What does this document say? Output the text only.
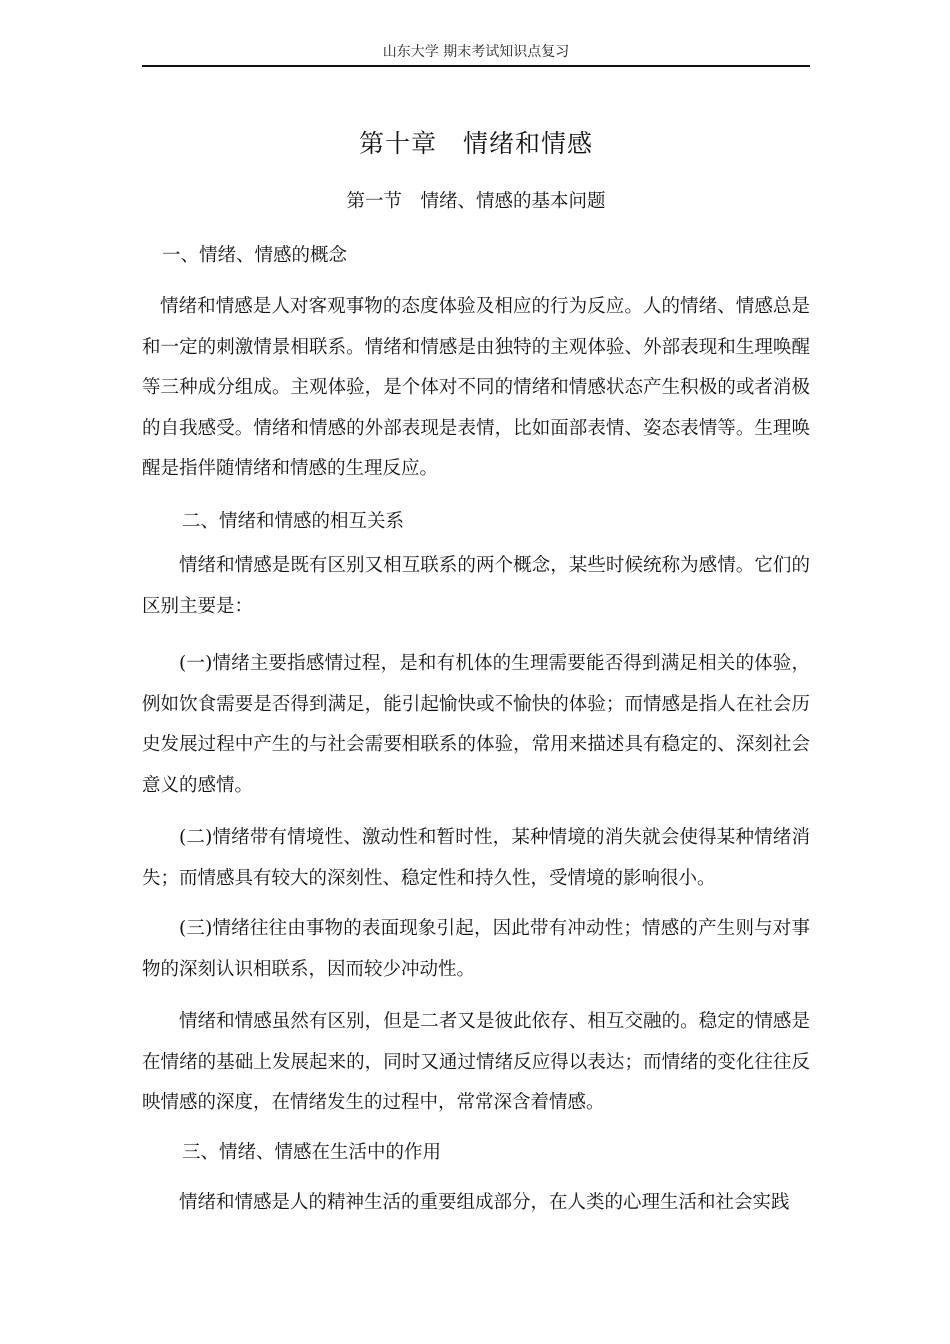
山东大学 期末考试知识点复习
第十章　情绪和情感
第一节　情绪、情感的基本问题
一、情绪、情感的概念

情绪和情感是人对客观事物的态度体验及相应的行为反应。人的情绪、情感总是和一定的刺激情景相联系。情绪和情感是由独特的主观体验、外部表现和生理唤醒等三种成分组成。主观体验，是个体对不同的情绪和情感状态产生积极的或者消极的自我感受。情绪和情感的外部表现是表情，比如面部表情、姿态表情等。生理唤醒是指伴随情绪和情感的生理反应。

二、情绪和情感的相互关系

情绪和情感是既有区别又相互联系的两个概念，某些时候统称为感情。它们的区别主要是：

(一)情绪主要指感情过程，是和有机体的生理需要能否得到满足相关的体验，例如饮食需要是否得到满足，能引起愉快或不愉快的体验；而情感是指人在社会历史发展过程中产生的与社会需要相联系的体验，常用来描述具有稳定的、深刻社会意义的感情。

(二)情绪带有情境性、激动性和暂时性，某种情境的消失就会使得某种情绪消失；而情感具有较大的深刻性、稳定性和持久性，受情境的影响很小。

(三)情绪往往由事物的表面现象引起，因此带有冲动性；情感的产生则与对事物的深刻认识相联系，因而较少冲动性。

情绪和情感虽然有区别，但是二者又是彼此依存、相互交融的。稳定的情感是在情绪的基础上发展起来的，同时又通过情绪反应得以表达；而情绪的变化往往反映情感的深度，在情绪发生的过程中，常常深含着情感。

三、情绪、情感在生活中的作用

情绪和情感是人的精神生活的重要组成部分，在人类的心理生活和社会实践
